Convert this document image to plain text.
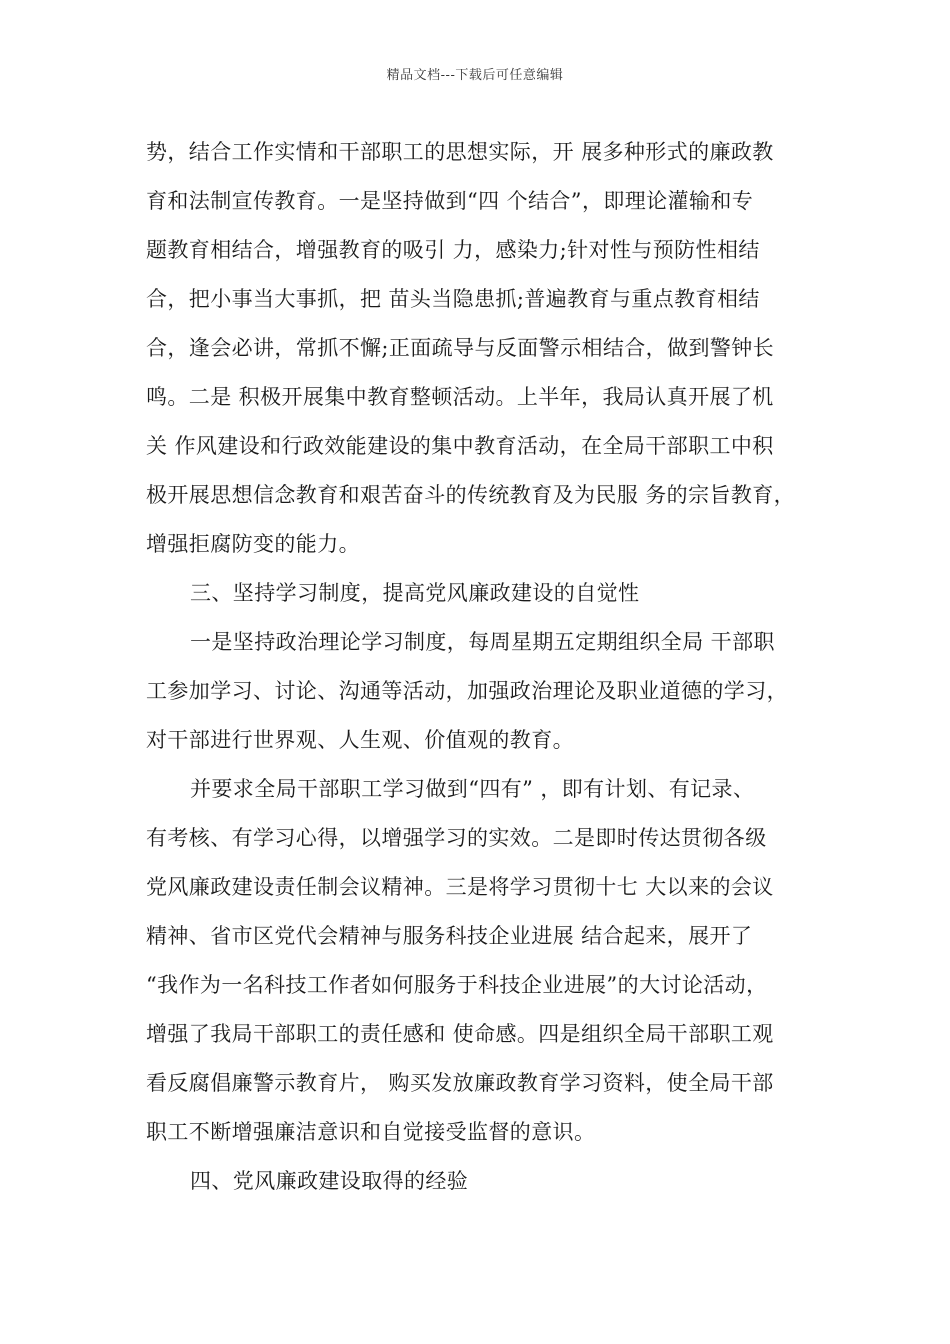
精品文档---下载后可任意编辑
势，结合工作实情和干部职工的思想实际，开 展多种形式的廉政教
育和法制宣传教育。一是坚持做到“四 个结合”，即理论灌输和专
题教育相结合，增强教育的吸引 力，感染力;针对性与预防性相结
合，把小事当大事抓，把 苗头当隐患抓;普遍教育与重点教育相结
合，逢会必讲，常抓不懈;正面疏导与反面警示相结合，做到警钟长
鸣。二是 积极开展集中教育整顿活动。上半年，我局认真开展了机
关 作风建设和行政效能建设的集中教育活动，在全局干部职工中积
极开展思想信念教育和艰苦奋斗的传统教育及为民服 务的宗旨教育，
增强拒腐防变的能力。
三、坚持学习制度，提高党风廉政建设的自觉性
一是坚持政治理论学习制度，每周星期五定期组织全局 干部职
工参加学习、讨论、沟通等活动，加强政治理论及职业道德的学习，
对干部进行世界观、人生观、价值观的教育。
并要求全局干部职工学习做到“四有” ，即有计划、有记录、
有考核、有学习心得，以增强学习的实效。二是即时传达贯彻各级
党风廉政建设责任制会议精神。三是将学习贯彻十七 大以来的会议
精神、省市区党代会精神与服务科技企业进展 结合起来，展开了
“我作为一名科技工作者如何服务于科技企业进展”的大讨论活动，
增强了我局干部职工的责任感和 使命感。四是组织全局干部职工观
看反腐倡廉警示教育片， 购买发放廉政教育学习资料，使全局干部
职工不断增强廉洁意识和自觉接受监督的意识。
四、党风廉政建设取得的经验
